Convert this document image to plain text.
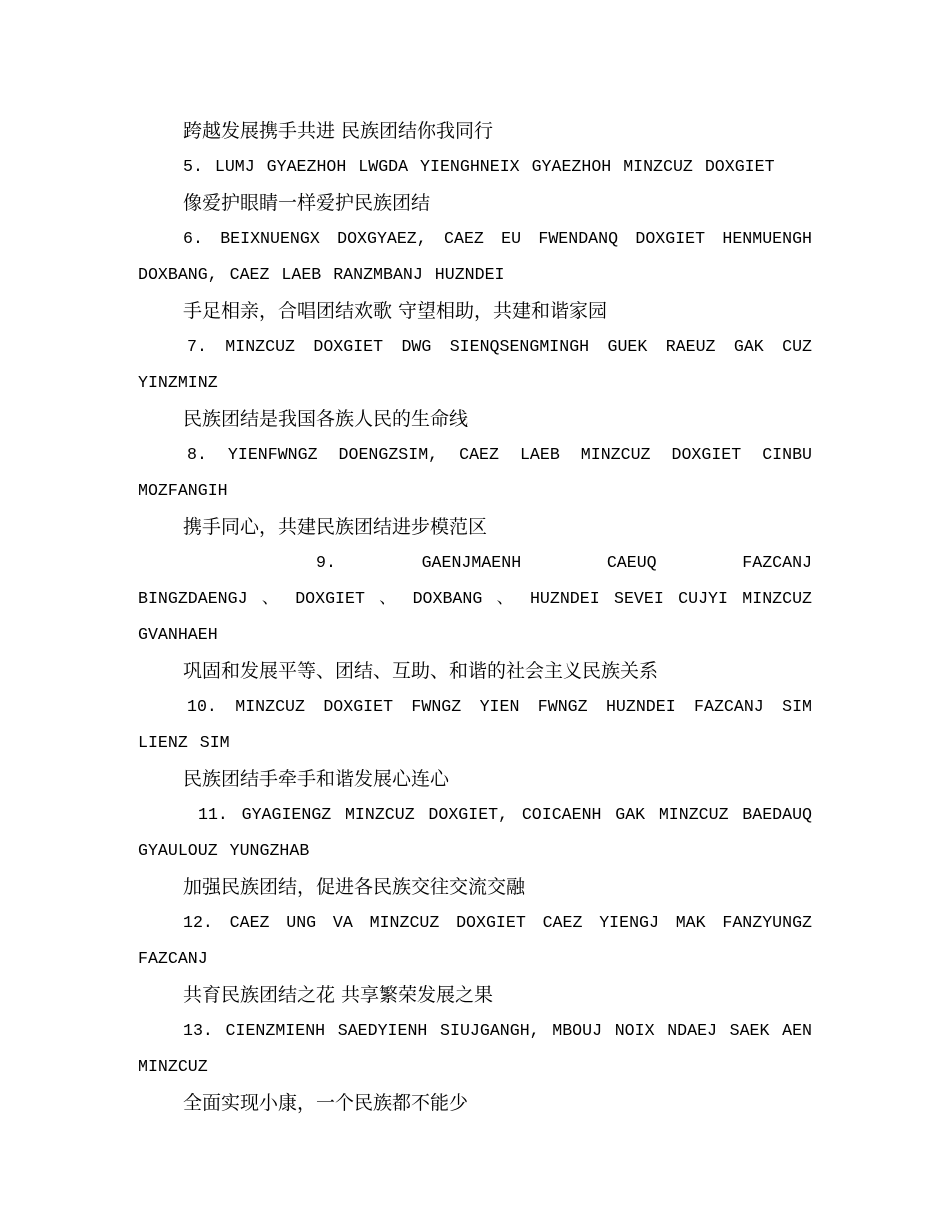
跨越发展携手共进 民族团结你我同行
5. LUMJ GYAEZHOH LWGDA YIENGHNEIX GYAEZHOH MINZCUZ DOXGIET
像爱护眼睛一样爱护民族团结
6. BEIXNUENGX DOXGYAEZ, CAEZ EU FWENDANQ DOXGIET HENMUENGH DOXBANG, CAEZ LAEB RANZMBANJ HUZNDEI
手足相亲，合唱团结欢歌 守望相助，共建和谐家园
7. MINZCUZ DOXGIET DWG SIENQSENGMINGH GUEK RAEUZ GAK CUZ YINZMINZ
民族团结是我国各族人民的生命线
8. YIENFWNGZ DOENGZSIM, CAEZ LAEB MINZCUZ DOXGIET CINBU MOZFANGIH
携手同心，共建民族团结进步模范区
9. GAENJMAENH CAEUQ FAZCANJ
BINGZDAENGJ 、 DOXGIET 、 DOXBANG 、 HUZNDEI SEVEI CUJYI MINZCUZ GVANHAEH
巩固和发展平等、团结、互助、和谐的社会主义民族关系
10. MINZCUZ DOXGIET FWNGZ YIEN FWNGZ HUZNDEI FAZCANJ SIM LIENZ SIM
民族团结手牵手和谐发展心连心
11. GYAGIENGZ MINZCUZ DOXGIET, COICAENH GAK MINZCUZ BAEDAUQ GYAULOUZ YUNGZHAB
加强民族团结，促进各民族交往交流交融
12. CAEZ UNG VA MINZCUZ DOXGIET CAEZ YIENGJ MAK FANZYUNGZ FAZCANJ
共育民族团结之花 共享繁荣发展之果
13. CIENZMIENH SAEDYIENH SIUJGANGH, MBOUJ NOIX NDAEJ SAEK AEN MINZCUZ
全面实现小康，一个民族都不能少
